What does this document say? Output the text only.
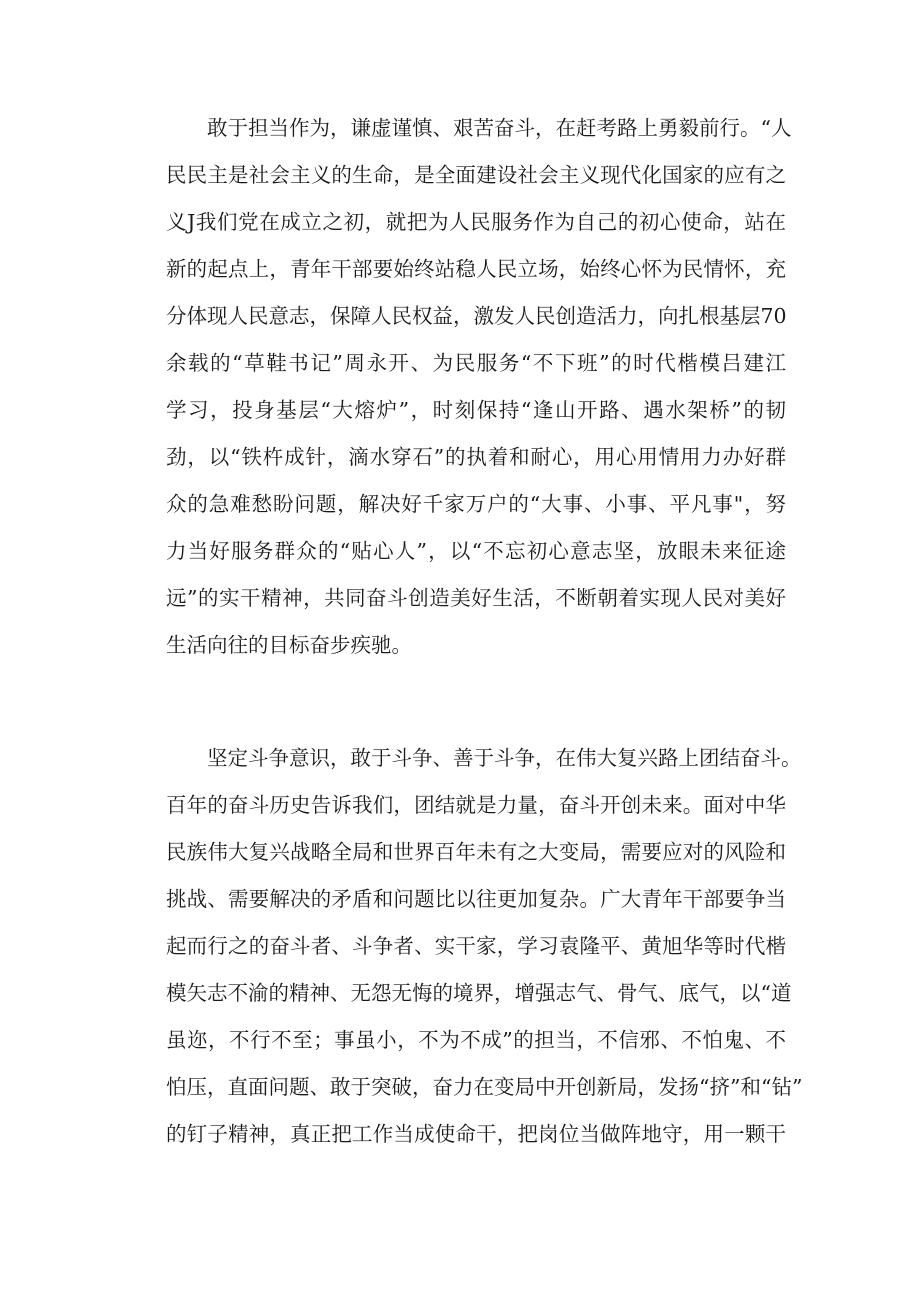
敢于担当作为，谦虚谨慎、艰苦奋斗，在赶考路上勇毅前行。“人
民民主是社会主义的生命，是全面建设社会主义现代化国家的应有之
义J我们党在成立之初，就把为人民服务作为自己的初心使命，站在
新的起点上，青年干部要始终站稳人民立场，始终心怀为民情怀，充
分体现人民意志，保障人民权益，激发人民创造活力，向扎根基层70
余载的“草鞋书记”周永开、为民服务“不下班”的时代楷模吕建江
学习，投身基层“大熔炉”，时刻保持“逢山开路、遇水架桥”的韧
劲，以“铁杵成针，滴水穿石”的执着和耐心，用心用情用力办好群
众的急难愁盼问题，解决好千家万户的“大事、小事、平凡事"，努
力当好服务群众的“贴心人”，以“不忘初心意志坚，放眼未来征途
远”的实干精神，共同奋斗创造美好生活，不断朝着实现人民对美好
生活向往的目标奋步疾驰。
坚定斗争意识，敢于斗争、善于斗争，在伟大复兴路上团结奋斗。
百年的奋斗历史告诉我们，团结就是力量，奋斗开创未来。面对中华
民族伟大复兴战略全局和世界百年未有之大变局，需要应对的风险和
挑战、需要解决的矛盾和问题比以往更加复杂。广大青年干部要争当
起而行之的奋斗者、斗争者、实干家，学习袁隆平、黄旭华等时代楷
模矢志不渝的精神、无怨无悔的境界，增强志气、骨气、底气，以“道
虽迩，不行不至；事虽小，不为不成”的担当，不信邪、不怕鬼、不
怕压，直面问题、敢于突破，奋力在变局中开创新局，发扬“挤”和“钻”
的钉子精神，真正把工作当成使命干，把岗位当做阵地守，用一颗干
